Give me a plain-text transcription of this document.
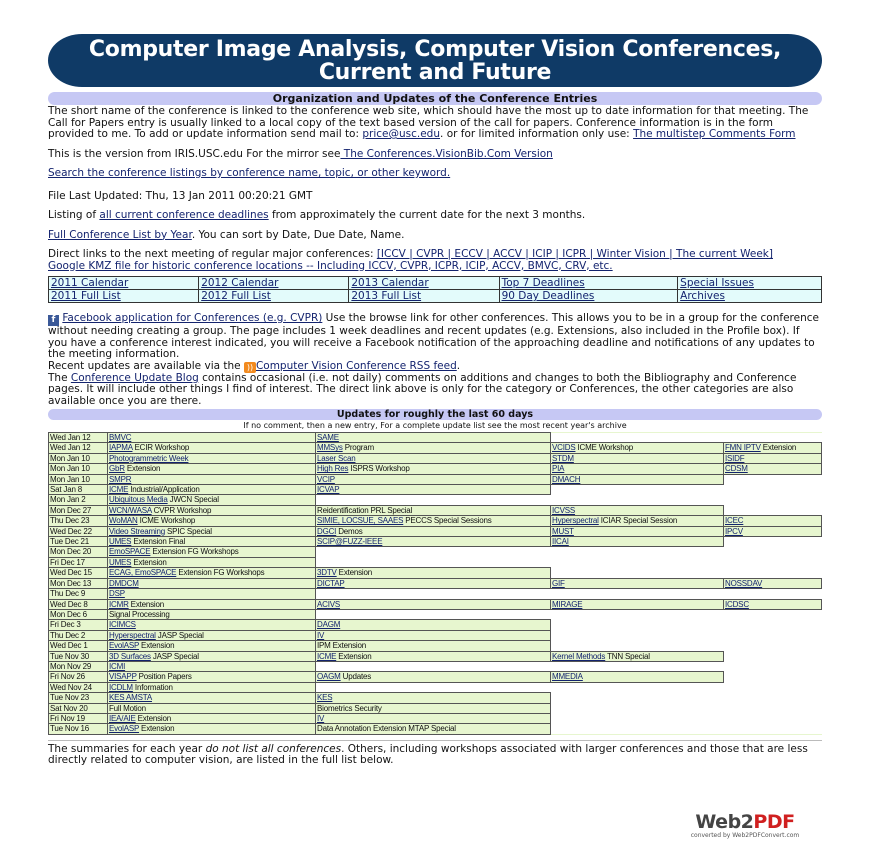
Computer Image Analysis, Computer Vision Conferences,
Current and Future
Organization and Updates of the Conference Entries

The short name of the conference is linked to the conference web site, which should have the most up to date information for that meeting. The Call for Papers entry is usually linked to a local copy of the text based version of the call for papers. Conference information is in the form provided to me. To add or update information send mail to: price@usc.edu. or for limited information only use: The multistep Comments Form

This is the version from IRIS.USC.edu For the mirror see The Conferences.VisionBib.Com Version

Search the conference listings by conference name, topic, or other keyword.

File Last Updated: Thu, 13 Jan 2011 00:20:21 GMT

Listing of all current conference deadlines from approximately the current date for the next 3 months.

Full Conference List by Year. You can sort by Date, Due Date, Name.

Direct links to the next meeting of regular major conferences: [ICCV | CVPR | ECCV | ACCV | ICIP | ICPR | Winter Vision | The current Week]

Google KMZ file for historic conference locations -- Including ICCV, CVPR, ICPR, ICIP, ACCV, BMVC, CRV, etc.

2011 Calendar	2012 Calendar	2013 Calendar	Top 7 Deadlines	Special Issues
2011 Full List	2012 Full List	2013 Full List	90 Day Deadlines	Archives

f Facebook application for Conferences (e.g. CVPR) Use the browse link for other conferences. This allows you to be in a group for the conference without needing creating a group. The page includes 1 week deadlines and recent updates (e.g. Extensions, also included in the Profile box). If you have a conference interest indicated, you will receive a Facebook notification of the approaching deadline and notifications of any updates to the meeting information.

Recent updates are available via the )) Computer Vision Conference RSS feed.

The Conference Update Blog contains occasional (i.e. not daily) comments on additions and changes to both the Bibliography and Conference pages. It will include other things I find of interest. The direct link above is only for the category or Conferences, the other categories are also available once you are there.

Updates for roughly the last 60 days
If no comment, then a new entry, For a complete update list see the most recent year's archive
Wed Jan 12	BMVC	SAME		
Wed Jan 12	IAPMA ECIR Workshop	MMSys Program	VCIDS ICME Workshop	FMN IPTV Extension
Mon Jan 10	Photogrammetric Week	Laser Scan	STDM	ISIDF
Mon Jan 10	GbR Extension	High Res ISPRS Workshop	PIA	CDSM
Mon Jan 10	SMPR	VCIP	DMACH	
Sat Jan 8	ICME Industrial/Application	ICVAP		
Mon Jan 2	Ubiquitous Media JWCN Special			
Mon Dec 27	WCN/WASA CVPR Workshop	Reidentification PRL Special	ICVSS	
Thu Dec 23	WoMAN ICME Workshop	SIMIE, LOCSUE, SAAES PECCS Special Sessions	Hyperspectral ICIAR Special Session	ICEC
Wed Dec 22	Video Streaming SPIC Special	DGCI Demos	MUST	IPCV
Tue Dec 21	UMES Extension Final	SCIP@FUZZ-IEEE	IICAI	
Mon Dec 20	EmoSPACE Extension FG Workshops			
Fri Dec 17	UMES Extension			
Wed Dec 15	ECAG, EmoSPACE Extension FG Workshops	3DTV Extension		
Mon Dec 13	DMDCM	DICTAP	GIF	NOSSDAV
Thu Dec 9	DSP			
Wed Dec 8	ICMR Extension	ACIVS	MIRAGE	ICDSC
Mon Dec 6	Signal Processing			
Fri Dec 3	ICIMCS	DAGM		
Thu Dec 2	Hyperspectral JASP Special	IV		
Wed Dec 1	EvolASP Extension	IPM Extension		
Tue Nov 30	3D Surfaces JASP Special	ICME Extension	Kernel Methods TNN Special	
Mon Nov 29	ICMI			
Fri Nov 26	VISAPP Position Papers	OAGM Updates	MMEDIA	
Wed Nov 24	ICDLM Information			
Tue Nov 23	KES AMSTA	KES		
Sat Nov 20	Full Motion	Biometrics Security		
Fri Nov 19	IEA/AIE Extension	IV		
Tue Nov 16	EvolASP Extension	Data Annotation Extension MTAP Special		

The summaries for each year do not list all conferences. Others, including workshops associated with larger conferences and those that are less directly related to computer vision, are listed in the full list below.

Web2PDF
converted by Web2PDFConvert.com
